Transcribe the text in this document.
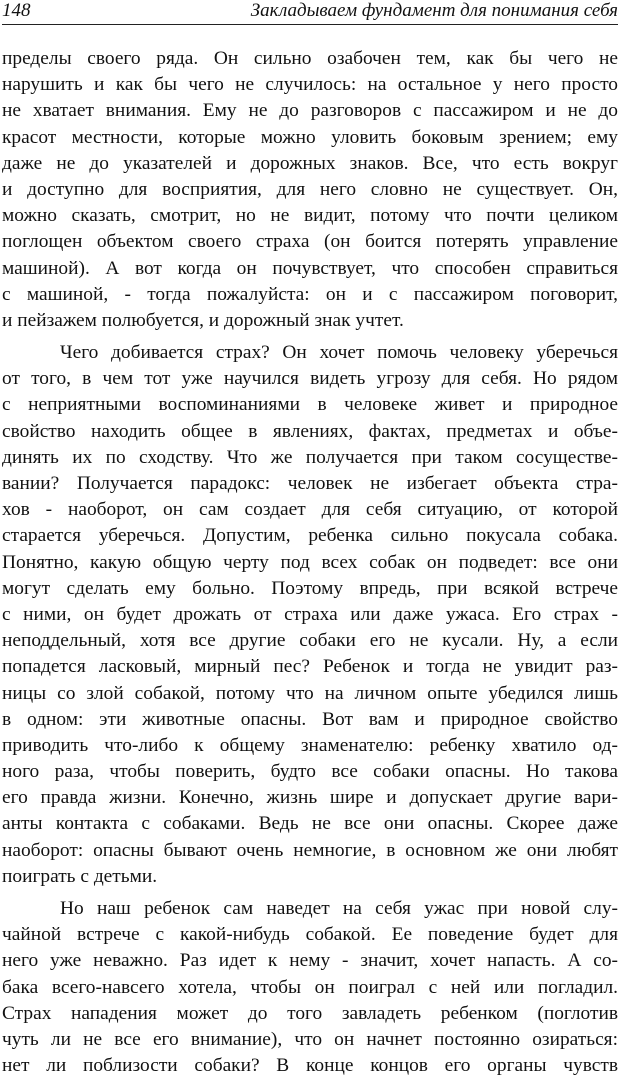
148	Закладываем фундамент для понимания себя
пределы своего ряда. Он сильно озабочен тем, как бы чего не
нарушить и как бы чего не случилось: на остальное у него просто
не хватает внимания. Ему не до разговоров с пассажиром и не до
красот местности, которые можно уловить боковым зрением; ему
даже не до указателей и дорожных знаков. Все, что есть вокруг
и доступно для восприятия, для него словно не существует. Он,
можно сказать, смотрит, но не видит, потому что почти целиком
поглощен объектом своего страха (он боится потерять управление
машиной). А вот когда он почувствует, что способен справиться
с машиной, - тогда пожалуйста: он и с пассажиром поговорит,
и пейзажем полюбуется, и дорожный знак учтет.
Чего добивается страх? Он хочет помочь человеку уберечься
от того, в чем тот уже научился видеть угрозу для себя. Но рядом
с неприятными воспоминаниями в человеке живет и природное
свойство находить общее в явлениях, фактах, предметах и объе-
динять их по сходству. Что же получается при таком сосуществе-
вании? Получается парадокс: человек не избегает объекта стра-
хов - наоборот, он сам создает для себя ситуацию, от которой
старается уберечься. Допустим, ребенка сильно покусала собака.
Понятно, какую общую черту под всех собак он подведет: все они
могут сделать ему больно. Поэтому впредь, при всякой встрече
с ними, он будет дрожать от страха или даже ужаса. Его страх -
неподдельный, хотя все другие собаки его не кусали. Ну, а если
попадется ласковый, мирный пес? Ребенок и тогда не увидит раз-
ницы со злой собакой, потому что на личном опыте убедился лишь
в одном: эти животные опасны. Вот вам и природное свойство
приводить что-либо к общему знаменателю: ребенку хватило од-
ного раза, чтобы поверить, будто все собаки опасны. Но такова
его правда жизни. Конечно, жизнь шире и допускает другие вари-
анты контакта с собаками. Ведь не все они опасны. Скорее даже
наоборот: опасны бывают очень немногие, в основном же они любят
поиграть с детьми.
Но наш ребенок сам наведет на себя ужас при новой слу-
чайной встрече с какой-нибудь собакой. Ее поведение будет для
него уже неважно. Раз идет к нему - значит, хочет напасть. А со-
бака всего-навсего хотела, чтобы он поиграл с ней или погладил.
Страх нападения может до того завладеть ребенком (поглотив
чуть ли не все его внимание), что он начнет постоянно озираться:
нет ли поблизости собаки? В конце концов его органы чувств
